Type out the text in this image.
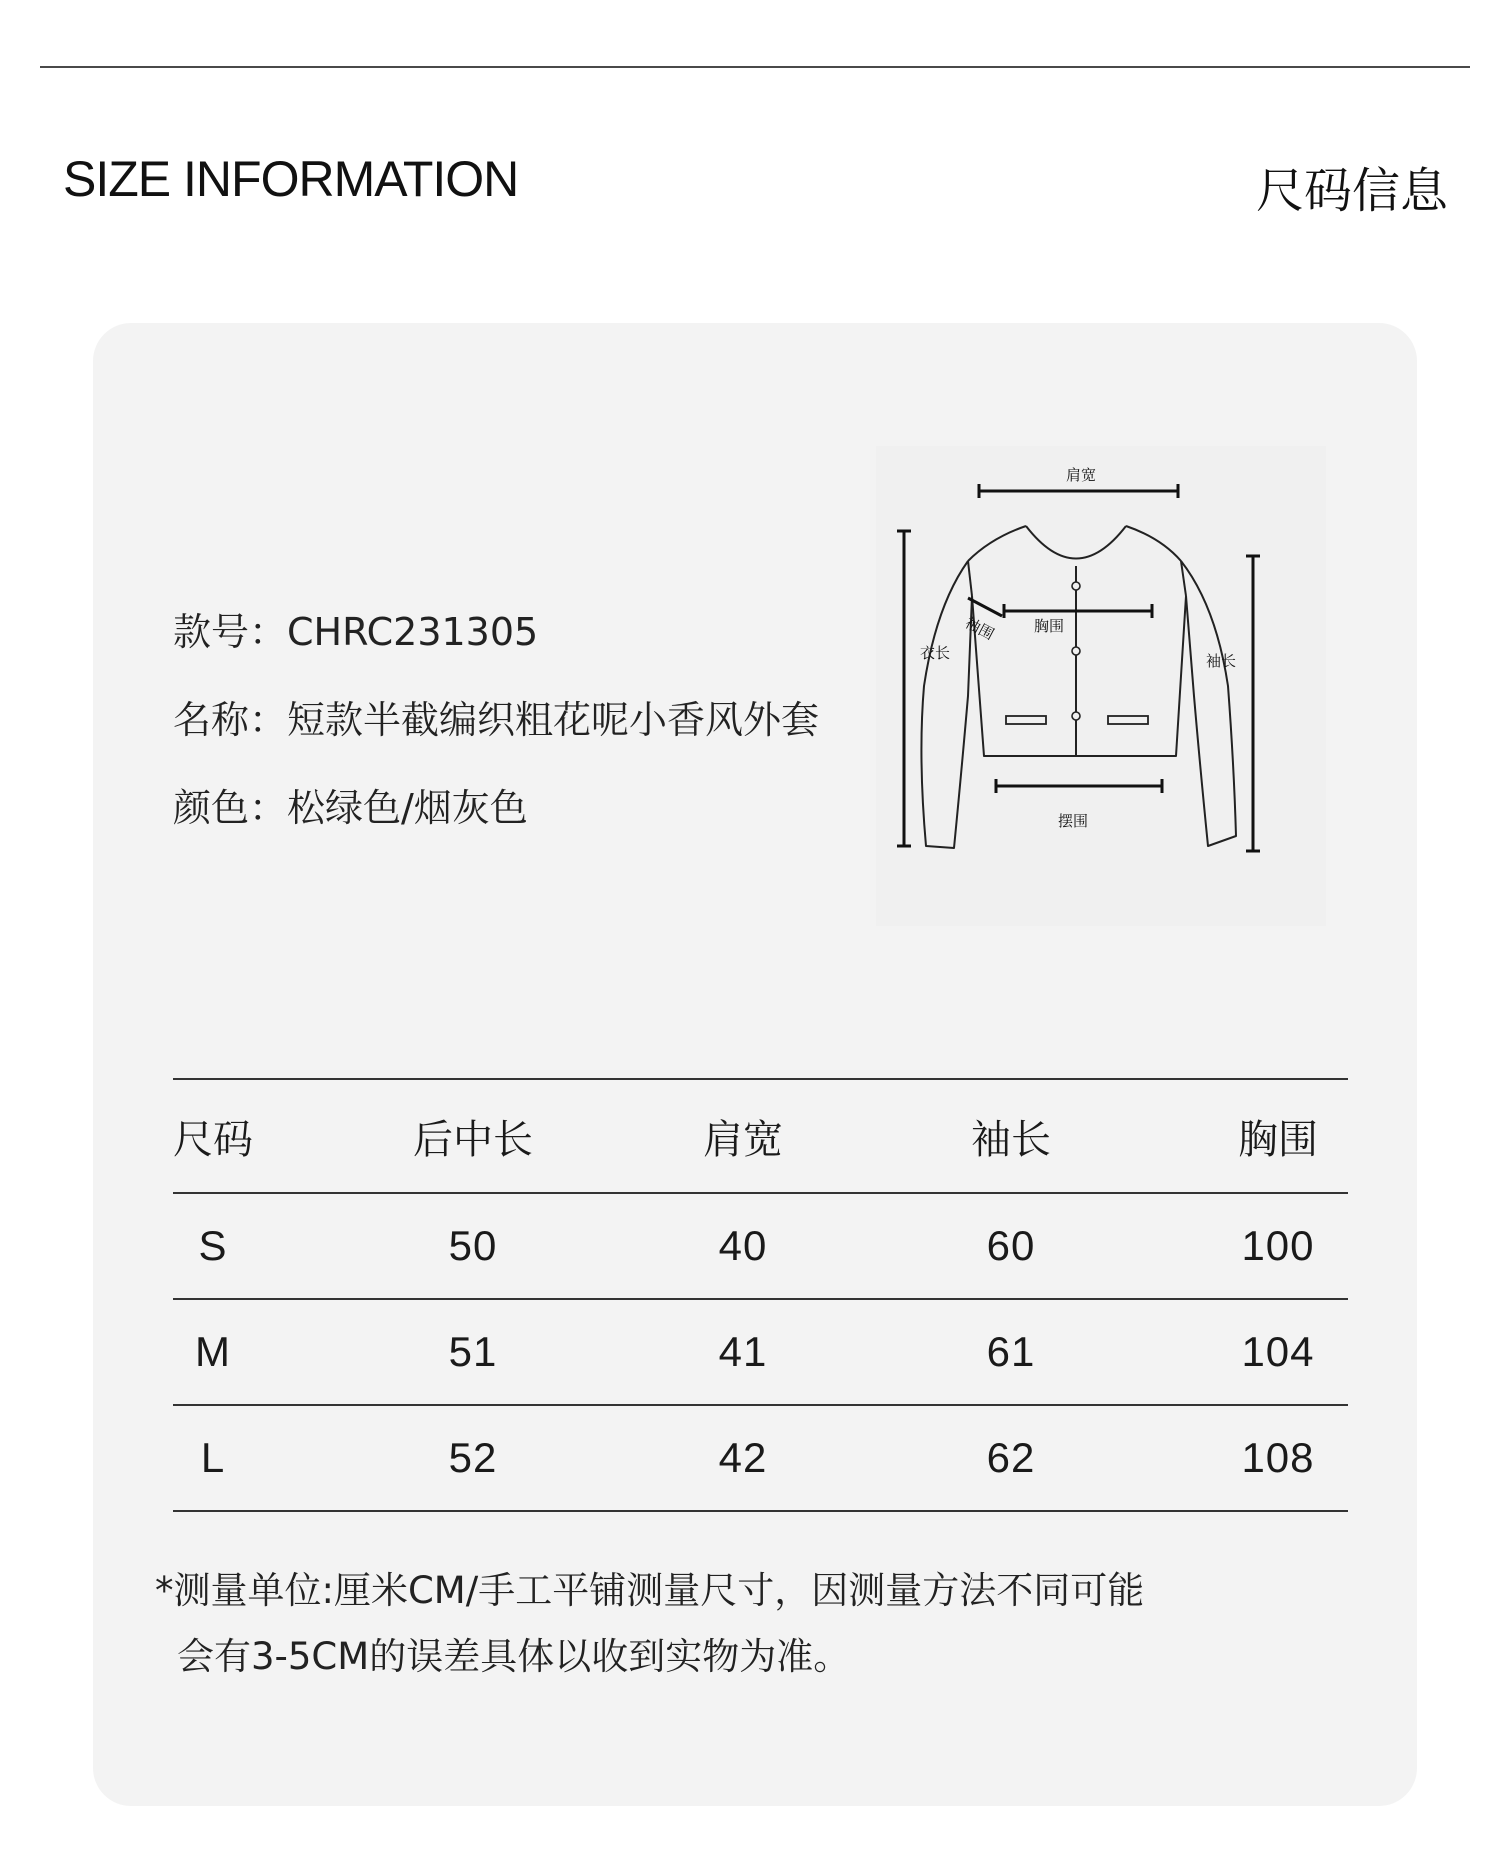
SIZE INFORMATION	尺码信息
款号：CHRC231305
名称：短款半截编织粗花呢小香风外套
颜色：松绿色/烟灰色
肩宽
胸围
衣长	袖长
摆围
袖围
尺码	后中长	肩宽	袖长	胸围
S	50	40	60	100
M	51	41	61	104
L	52	42	62	108
*测量单位:厘米CM/手工平铺测量尺寸，因测量方法不同可能
会有3-5CM的误差具体以收到实物为准。
